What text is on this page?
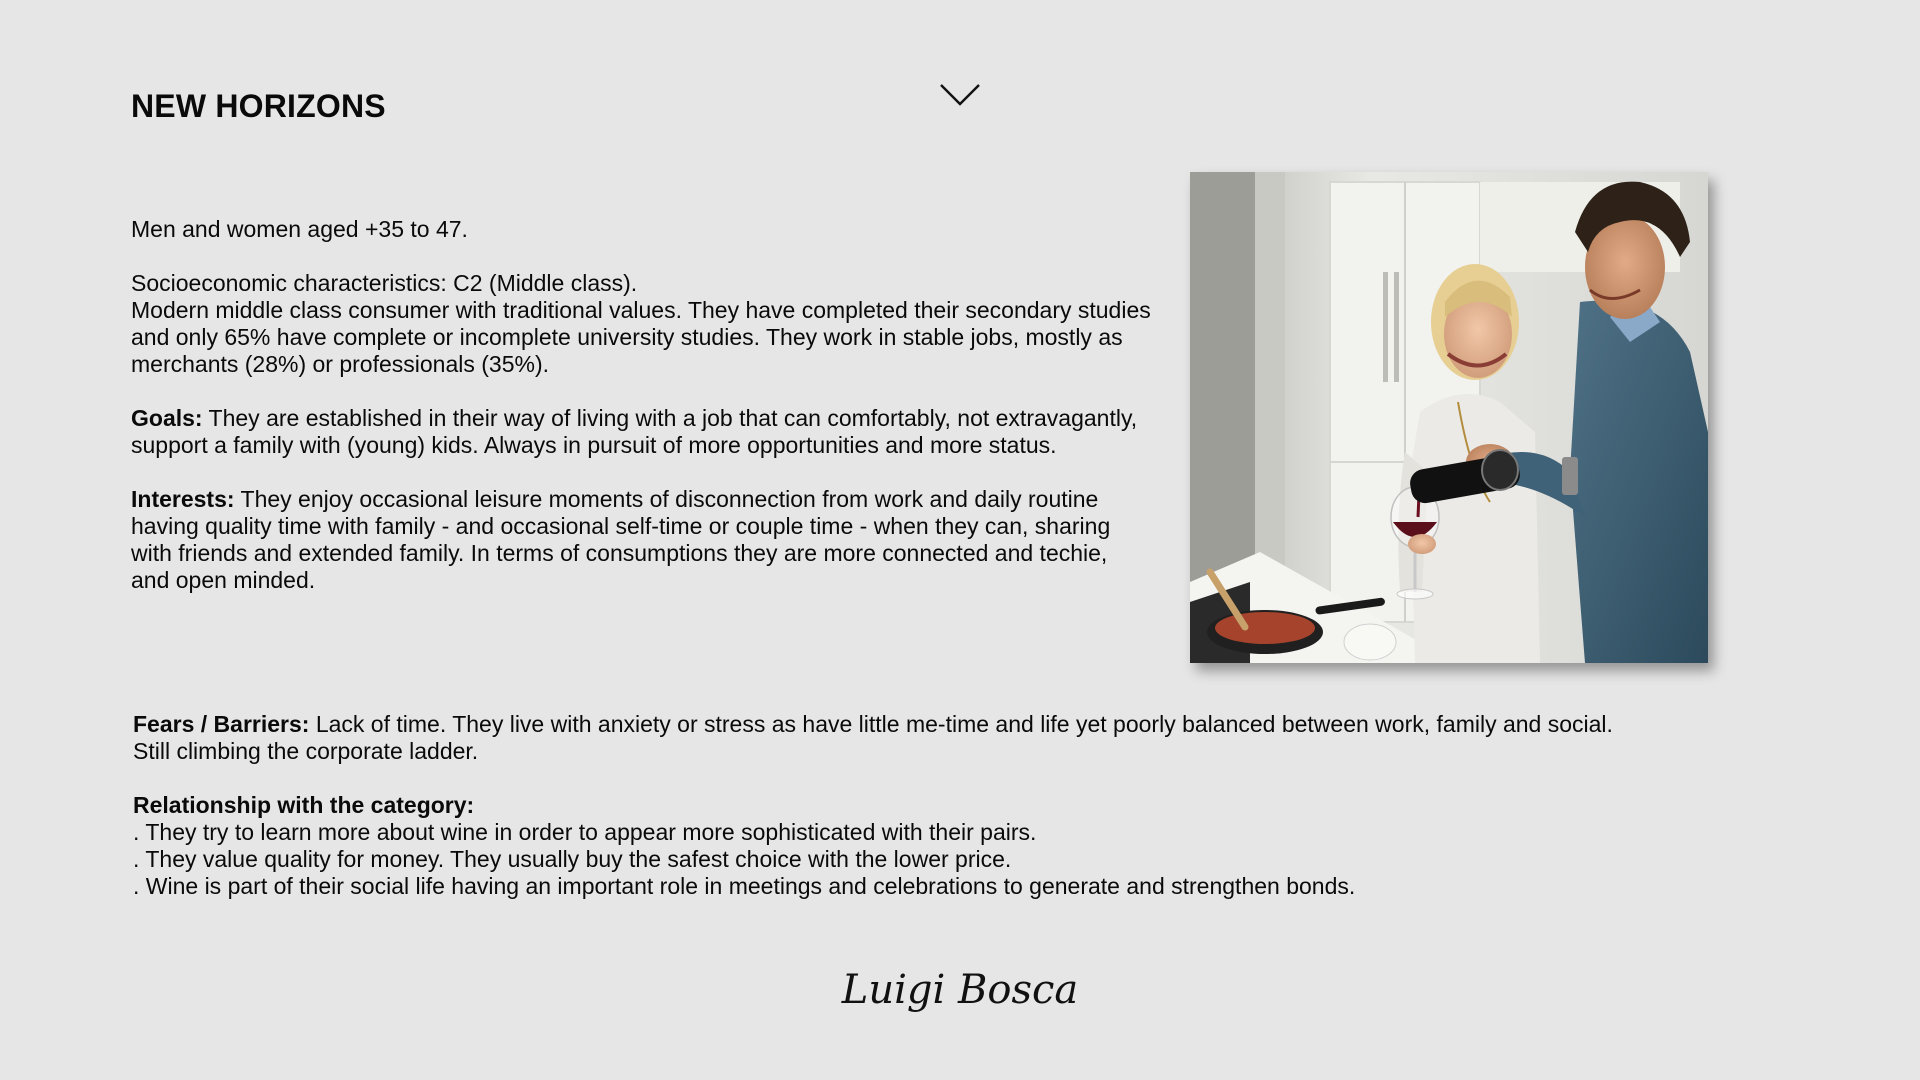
NEW HORIZONS

Men and women aged +35 to 47.

Socioeconomic characteristics: C2 (Middle class).

Modern middle class consumer with traditional values. They have completed their secondary studies and only 65% have complete or incomplete university studies. They work in stable jobs, mostly as merchants (28%) or professionals (35%).

Goals: They are established in their way of living with a job that can comfortably, not extravagantly, support a family with (young) kids. Always in pursuit of more opportunities and more status.

Interests: They enjoy occasional leisure moments of disconnection from work and daily routine having quality time with family - and occasional self-time or couple time - when they can, sharing with friends and extended family. In terms of consumptions they are more connected and techie, and open minded.

Fears / Barriers: Lack of time. They live with anxiety or stress as have little me-time and life yet poorly balanced between work, family and social.
Still climbing the corporate ladder.

Relationship with the category:
. They try to learn more about wine in order to appear more sophisticated with their pairs.
. They value quality for money. They usually buy the safest choice with the lower price.
. Wine is part of their social life having an important role in meetings and celebrations to generate and strengthen bonds.
Luigi Bosca
